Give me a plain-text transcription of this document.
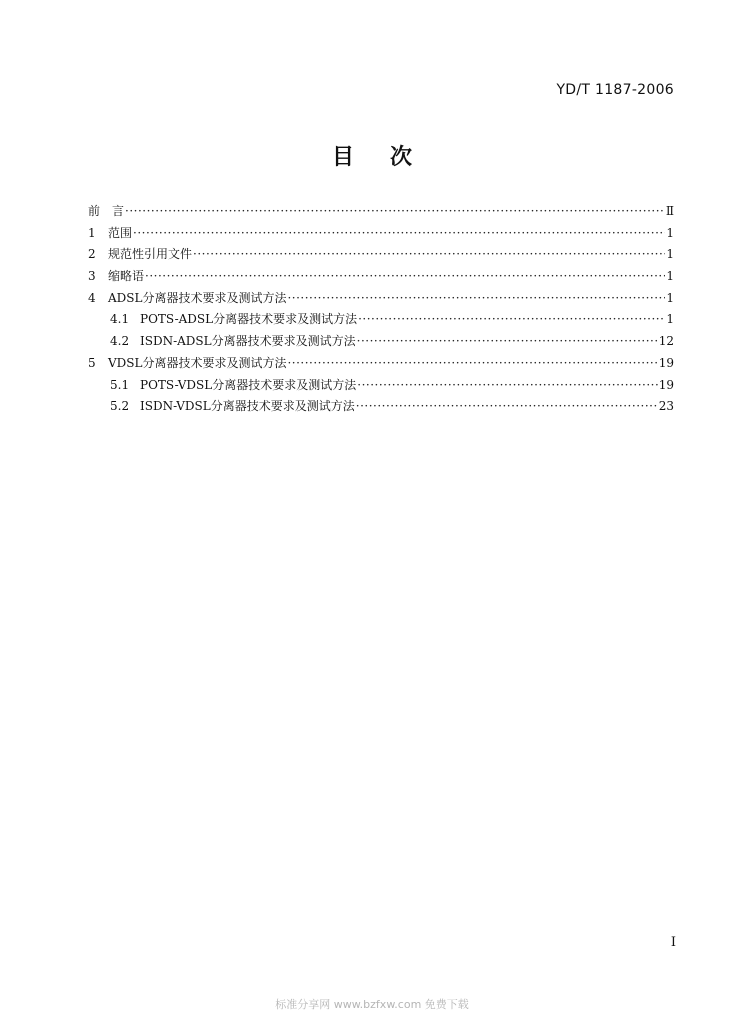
YD/T 1187-2006
目次
前　言 ·····	Ⅱ
1	范围 ·····	1
2	规范性引用文件 ·····	1
3	缩略语 ·····	1
4	ADSL分离器技术要求及测试方法 ·····	1
4.1 POTS-ADSL分离器技术要求及测试方法 ·····	1
4.2 ISDN-ADSL分离器技术要求及测试方法 ·····	12
5	VDSL分离器技术要求及测试方法 ·····	19
5.1 POTS-VDSL分离器技术要求及测试方法 ·····	19
5.2 ISDN-VDSL分离器技术要求及测试方法 ·····	23
I
标准分享网 www.bzfxw.com 免费下载
